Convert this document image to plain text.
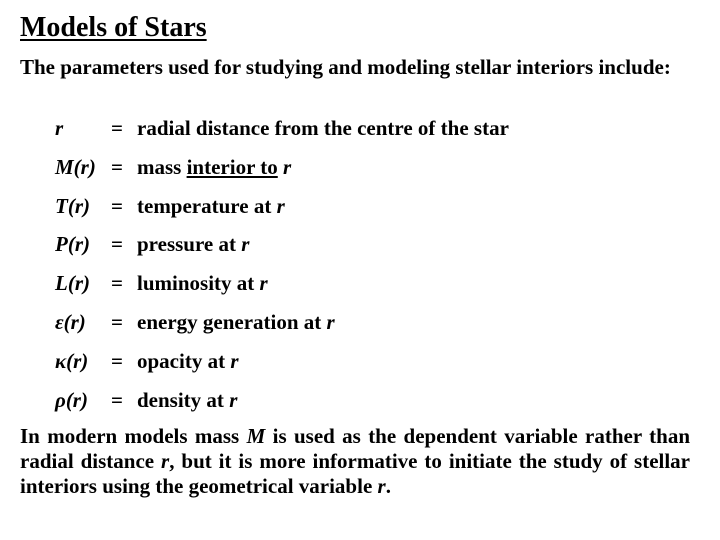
Models of Stars
The parameters used for studying and modeling stellar interiors include:
r = radial distance from the centre of the star
M(r) = mass interior to r
T(r) = temperature at r
P(r) = pressure at r
L(r) = luminosity at r
ε(r) = energy generation at r
κ(r) = opacity at r
ρ(r) = density at r
In modern models mass M is used as the dependent variable rather than radial distance r, but it is more informative to initiate the study of stellar interiors using the geometrical variable r.
